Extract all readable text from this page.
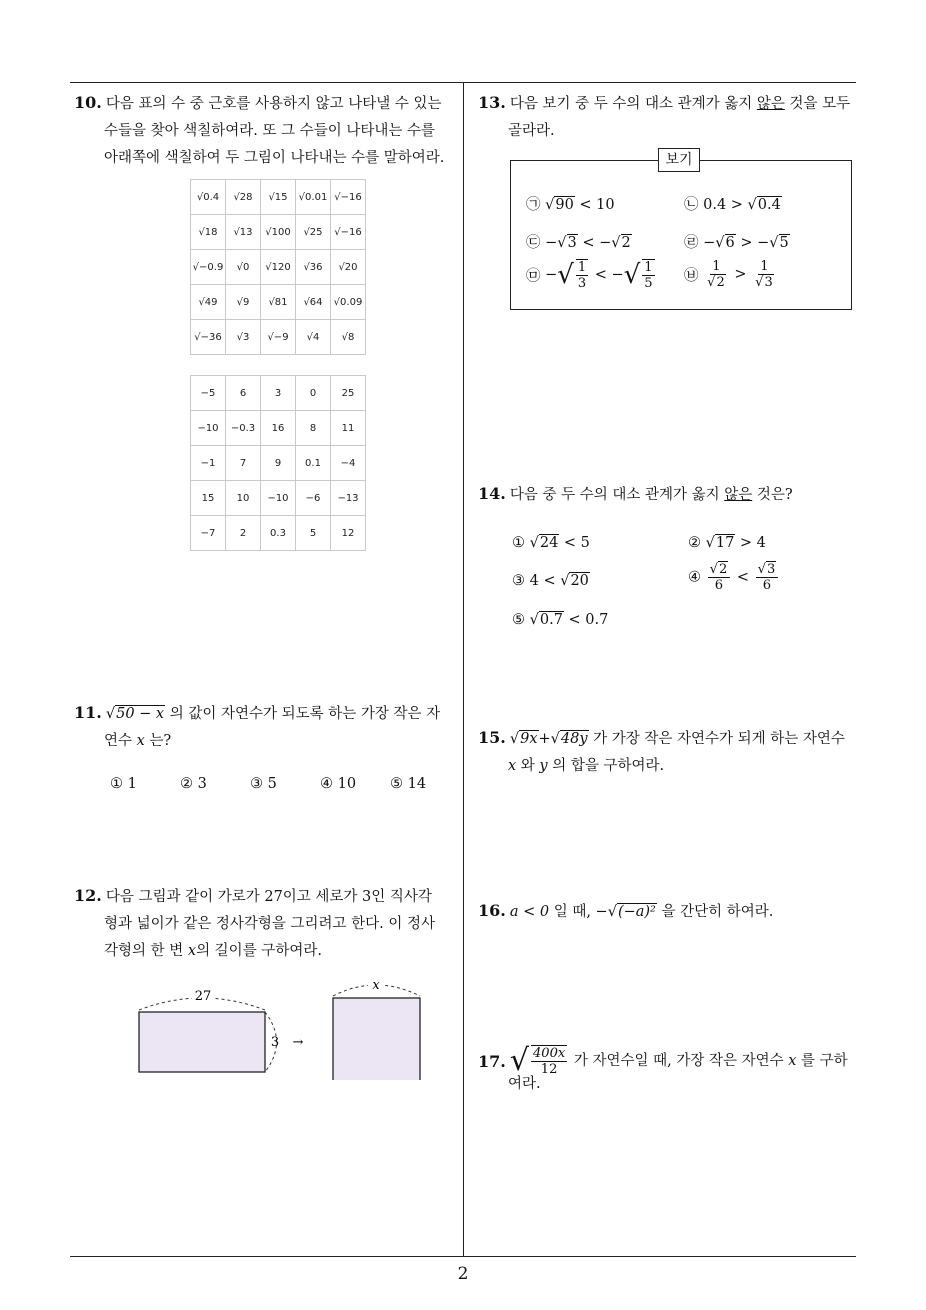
2
10. 다음 표의 수 중 근호를 사용하지 않고 나타낼 수 있는
수들을 찾아 색칠하여라. 또 그 수들이 나타내는 수를
아래쪽에 색칠하여 두 그림이 나타내는 수를 말하여라.
√0.4	√28	√15	√0.01	√−16
√18	√13	√100	√25	√−16
√−0.9	√0	√120	√36	√20
√49	√9	√81	√64	√0.09
√−36	√3	√−9	√4	√8
−5	6	3	0	25
−10	−0.3	16	8	11
−1	7	9	0.1	−4
15	10	−10	−6	−13
−7	2	0.3	5	12
11. √50 − x 의 값이 자연수가 되도록 하는 가장 작은 자
연수 x 는?
① 1	② 3	③ 5	④ 10 ⑤ 14
12. 다음 그림과 같이 가로가 27이고 세로가 3인 직사각
형과 넓이가 같은 정사각형을 그리려고 한다. 이 정사
각형의 한 변 x의 길이를 구하여라.
27
3 →
x
13. 다음 보기 중 두 수의 대소 관계가 옳지 않은 것을 모두
골라라.
보기
㉠ √90 < 10	㉡ 0.4 > √0.4
㉢ −√3 < −√2	㉣ −√6 > −√5
㉤ −√ $\frac{1}{3}$ < −√ $\frac{1}{5}$ ㉥ $\frac{1}{√2} > \frac{1}{√3}$
14. 다음 중 두 수의 대소 관계가 옳지 않은 것은?
① √24 < 5	② √17 > 4
③ 4 < √20	④ $\frac{√2}{6} < \frac{√3}{6}$
⑤ √0.7 < 0.7
15. √9x+√48y 가 가장 작은 자연수가 되게 하는 자연수
x 와 y 의 합을 구하여라.
16. a < 0 일 때, −√(−a)² 을 간단히 하여라.
17. √ $\frac{400x}{12}$
가 자연수일 때, 가장 작은 자연수
x
를 구하
여라.
